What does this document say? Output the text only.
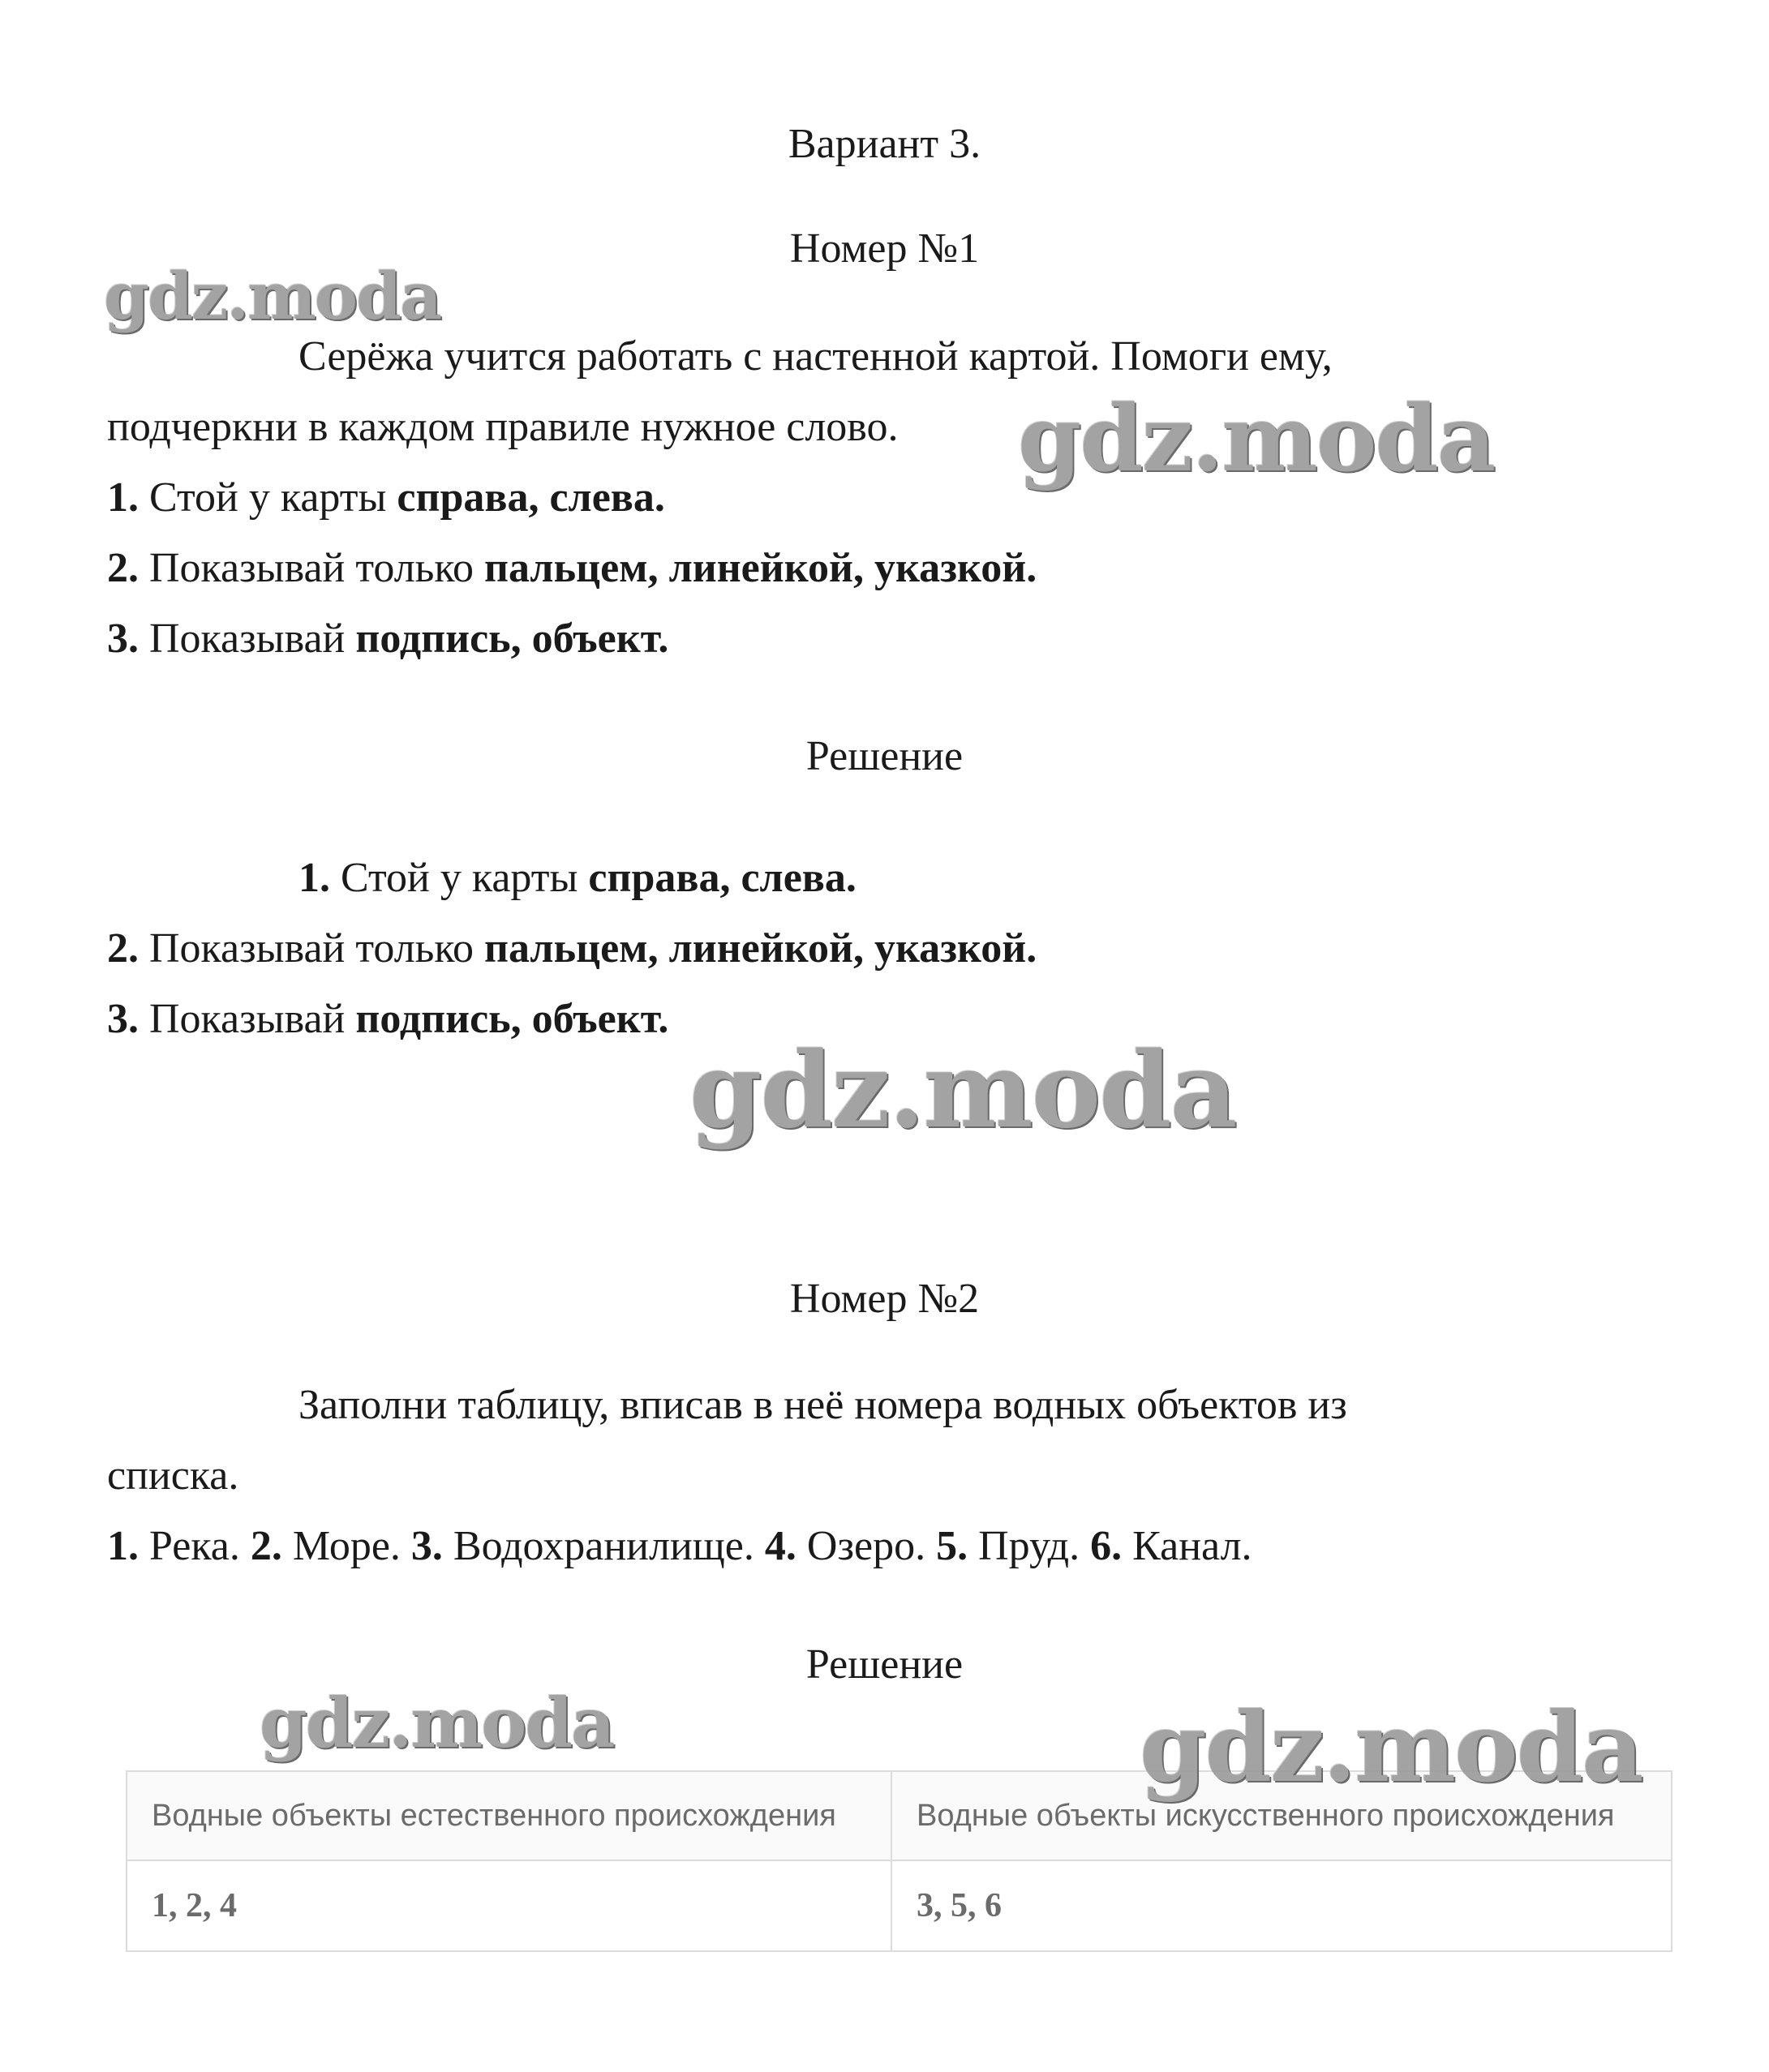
Вариант 3.
Номер №1
Серёжа учится работать с настенной картой. Помоги ему,
подчеркни в каждом правиле нужное слово.
1. Стой у карты справа, слева.
2. Показывай только пальцем, линейкой, указкой.
3. Показывай подпись, объект.
Решение
1. Стой у карты справа, слева.
2. Показывай только пальцем, линейкой, указкой.
3. Показывай подпись, объект.
Номер №2
Заполни таблицу, вписав в неё номера водных объектов из
списка.
1. Река. 2. Море. 3. Водохранилище. 4. Озеро. 5. Пруд. 6. Канал.
Решение
Водные объекты естественного происхождения	Водные объекты искусственного происхождения
1, 2, 4	3, 5, 6
gdz.moda
gdz.moda
gdz.moda
gdz.moda	gdz.moda
